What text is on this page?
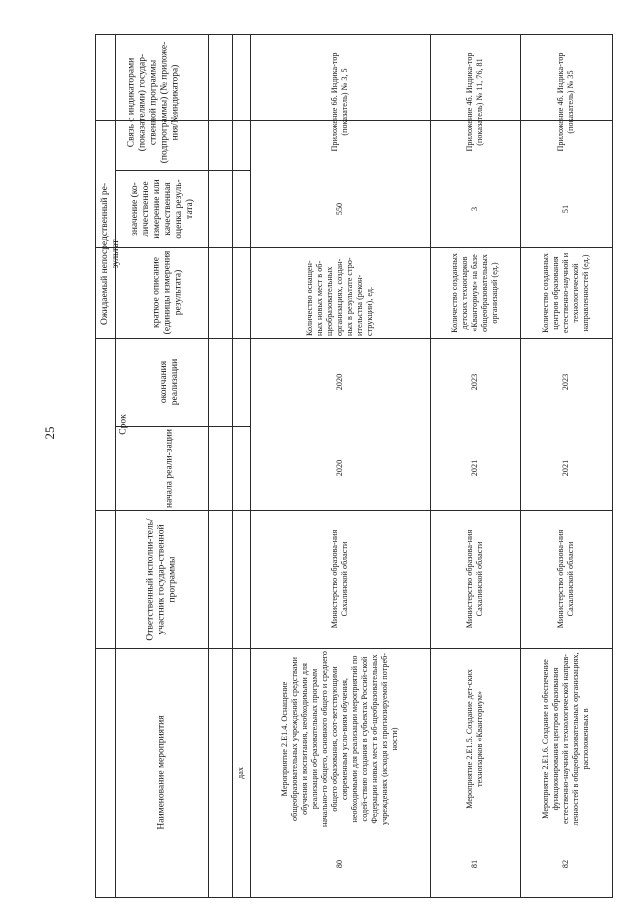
25
Наименование мероприятия
Ответственный исполни-тель/участник государ-ственной программы
Срок
начала реали-зации
окончания реализации
Ожидаемый непосредственный ре-зультат
краткое описание (единицы измерения результата)
значение (ко-личественное измерение или качественная оценка резуль-тата)
Связь с индикаторами (показателями) государ-ственной программы (подпрограммы) (№ приложе-ния/№индикатора)
дах
80
Мероприятие 2.E1.4. Оснащение общеобразовательных учреждений средствами обучения и воспитания, необходимыми для реализации об-разовательных программ начально-го общего, основного общего и среднего общего образования, соот-ветствующими современным усло-виям обучения, необходимыми для реализации мероприятий по содей-ствию создания в субъектах Россий-ской Федерации новых мест в об-щеобразовательных учреждениях (исходя из прогнозируемой потреб-ности)
Министерство образова-ния Сахалинской области
2020
2020
Количество оснащен-ных новых мест в об-щеобразовательных организациях, создан-ных в результате стро-ительства (рекон-струкции), ед.
550
Приложение 6б. Индика-тор (показатель) № 3, 5
81
Мероприятие 2.E1.5. Создание дет-ских технопарков «Кванториум»
Министерство образова-ния Сахалинской области
2021
2023
Количество созданных детских технопарков «Кванториум» на базе общеобразовательных организаций (ед.)
3
Приложение 4б. Индика-тор (показатель) № 11, 76, 81
82
Мероприятие 2.E1.6. Создание и обеспечение функционирования центров образования естественно-научной и технологической направ-ленностей в общеобразовательных организациях, расположенных в
Министерство образова-ния Сахалинской области
2021
2023
Количество созданных центров образования естественно-научной и технологической направленностей (ед.)
51
Приложение 4б. Индика-тор (показатель) № 35
